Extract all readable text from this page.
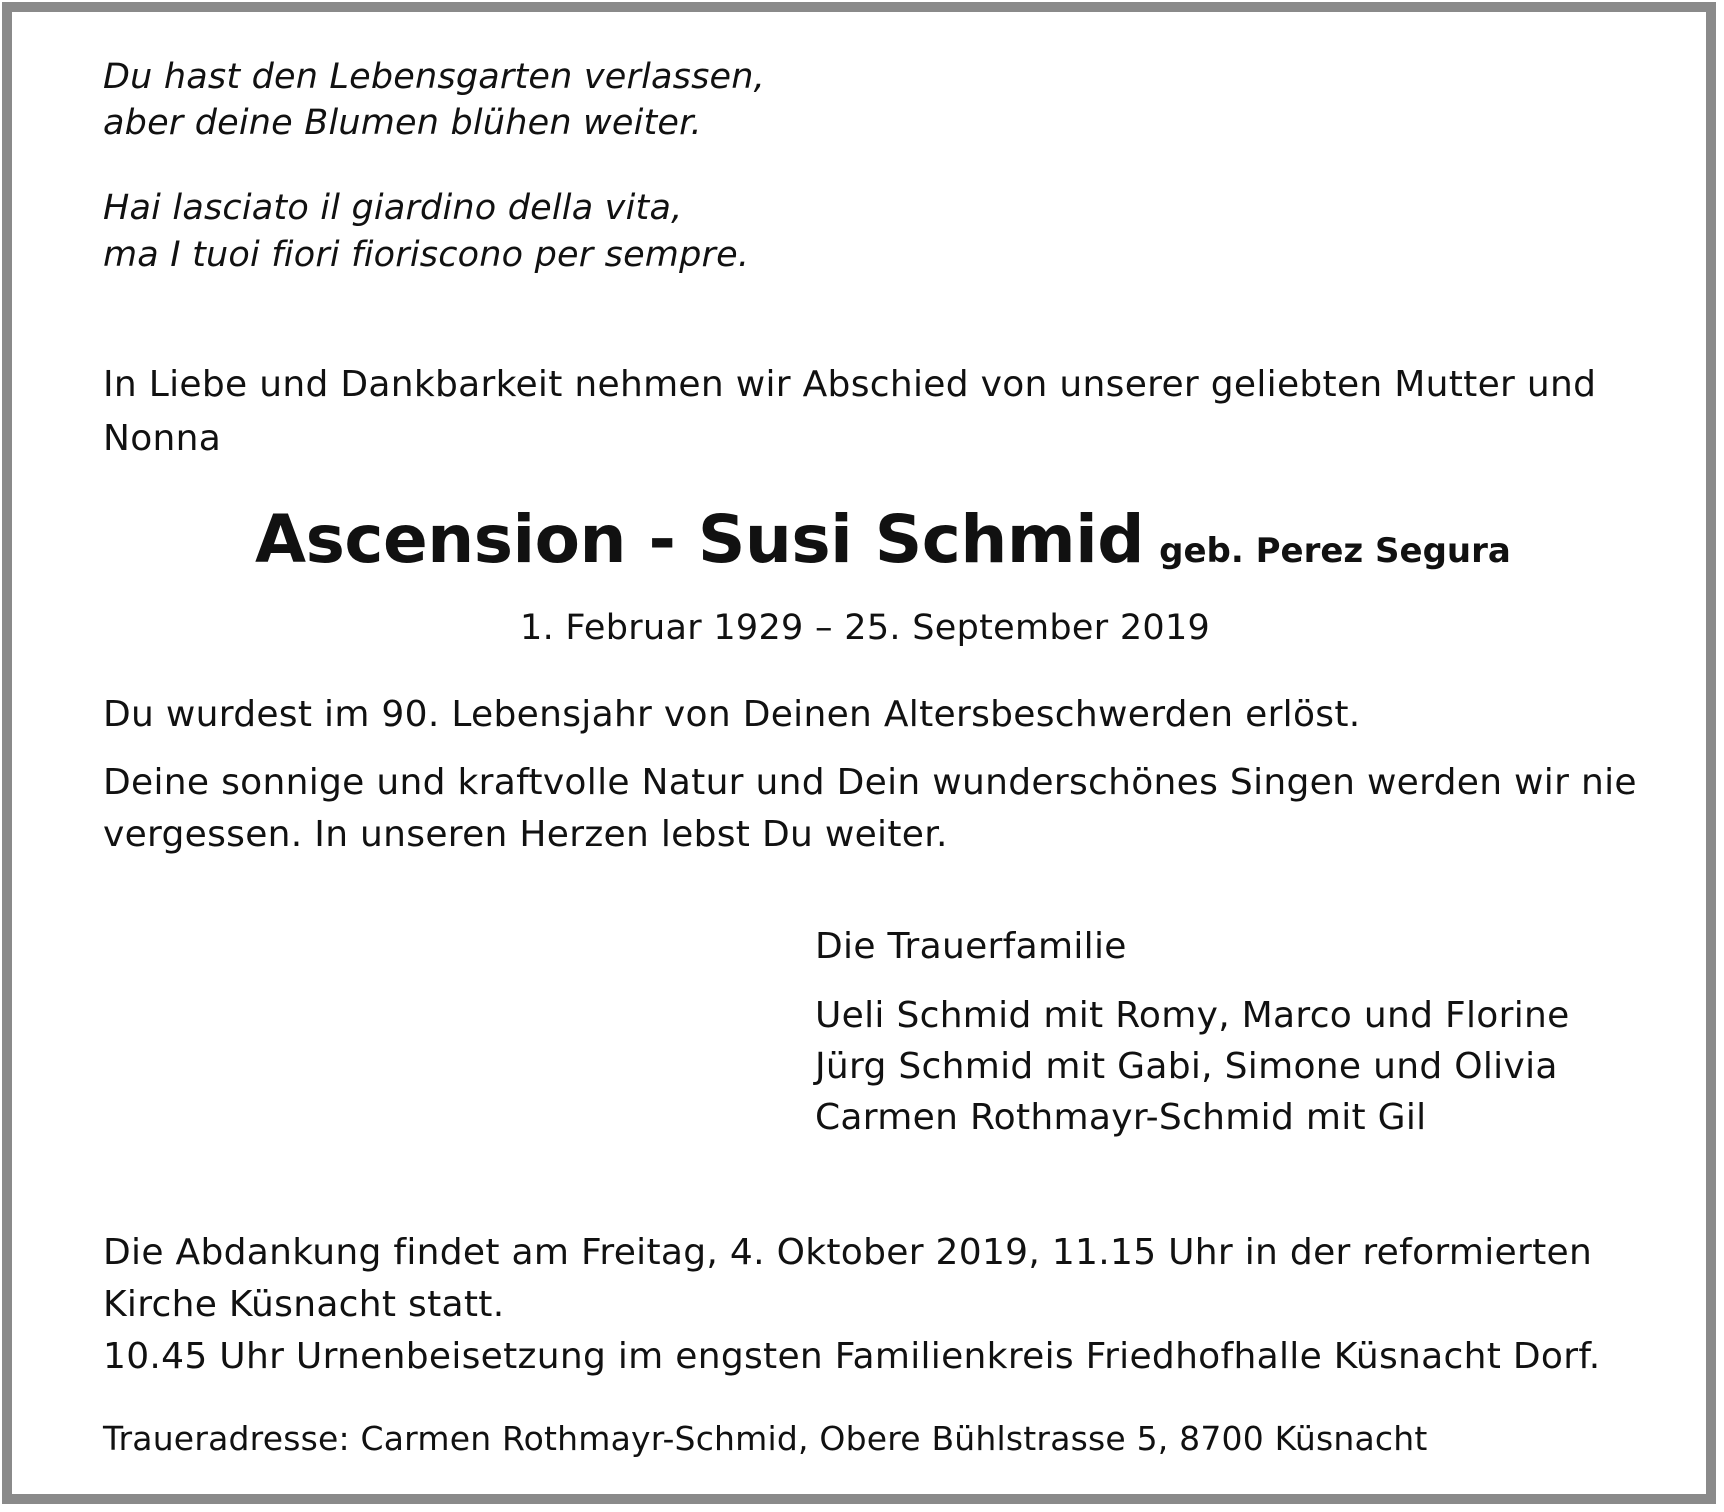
Du hast den Lebensgarten verlassen,

aber deine Blumen blühen weiter.

Hai lasciato il giardino della vita,

ma I tuoi fiori fioriscono per sempre.

In Liebe und Dankbarkeit nehmen wir Abschied von unserer geliebten Mutter und

Nonna

Ascension - Susi Schmid geb. Perez Segura

1. Februar 1929 – 25. September 2019

Du wurdest im 90. Lebensjahr von Deinen Altersbeschwerden erlöst.

Deine sonnige und kraftvolle Natur und Dein wunderschönes Singen werden wir nie

vergessen. In unseren Herzen lebst Du weiter.

Die Trauerfamilie

Ueli Schmid mit Romy, Marco und Florine

Jürg Schmid mit Gabi, Simone und Olivia

Carmen Rothmayr-Schmid mit Gil

Die Abdankung findet am Freitag, 4. Oktober 2019, 11.15 Uhr in der reformierten

Kirche Küsnacht statt.

10.45 Uhr Urnenbeisetzung im engsten Familienkreis Friedhofhalle Küsnacht Dorf.

Traueradresse: Carmen Rothmayr-Schmid, Obere Bühlstrasse 5, 8700 Küsnacht
